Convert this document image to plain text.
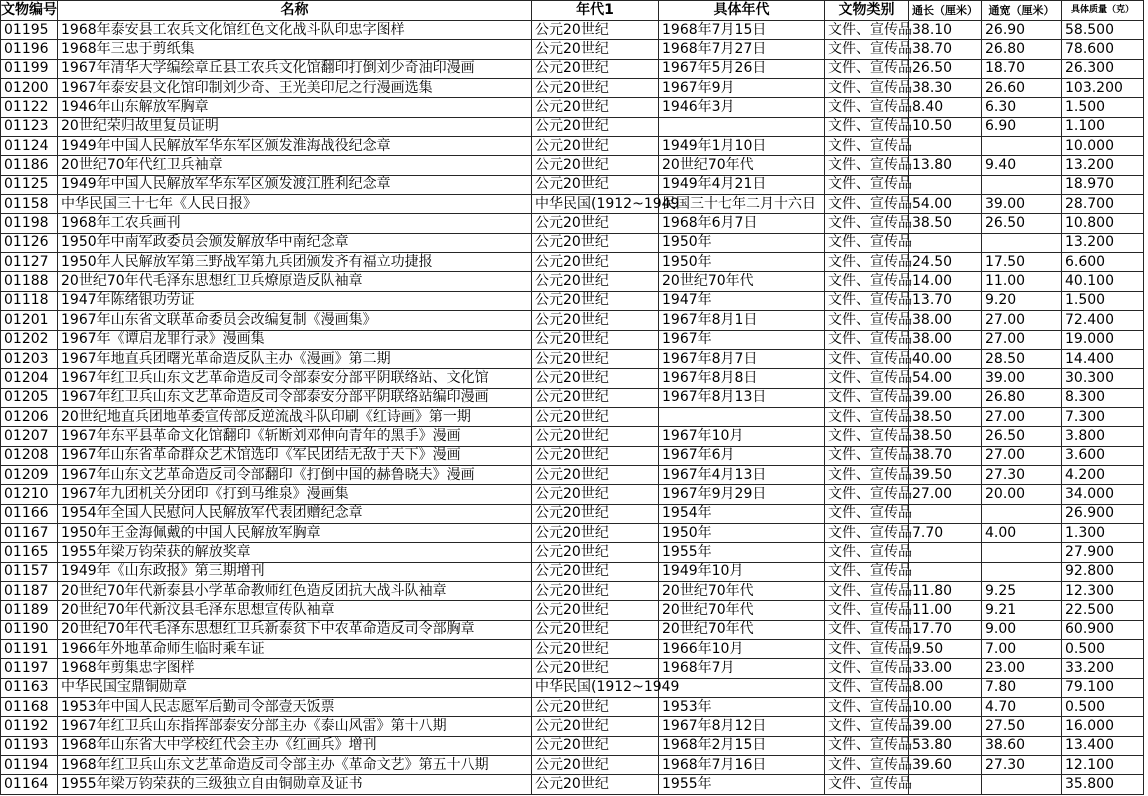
文物编号	名称	年代1	具体年代	文物类别	通长（厘米）	通宽（厘米）	具体质量（克）
01195	1968年泰安县工农兵文化馆红色文化战斗队印忠字图样	公元20世纪	1968年7月15日	文件、宣传品	38.10	26.90	58.500
01196	1968年三忠于剪纸集	公元20世纪	1968年7月27日	文件、宣传品	38.70	26.80	78.600
01199	1967年清华大学编绘章丘县工农兵文化馆翻印打倒刘少奇油印漫画	公元20世纪	1967年5月26日	文件、宣传品	26.50	18.70	26.300
01200	1967年泰安县文化馆印制刘少奇、王光美印尼之行漫画选集	公元20世纪	1967年9月	文件、宣传品	38.30	26.60	103.200
01122	1946年山东解放军胸章	公元20世纪	1946年3月	文件、宣传品	8.40	6.30	1.500
01123	20世纪荣归故里复员证明	公元20世纪		文件、宣传品	10.50	6.90	1.100
01124	1949年中国人民解放军华东军区颁发淮海战役纪念章	公元20世纪	1949年1月10日	文件、宣传品			10.000
01186	20世纪70年代红卫兵袖章	公元20世纪	20世纪70年代	文件、宣传品	13.80	9.40	13.200
01125	1949年中国人民解放军华东军区颁发渡江胜利纪念章	公元20世纪	1949年4月21日	文件、宣传品			18.970
01158	中华民国三十七年《人民日报》	中华民国(1912~1949	民国三十七年二月十六日	文件、宣传品	54.00	39.00	28.700
01198	1968年工农兵画刊	公元20世纪	1968年6月7日	文件、宣传品	38.50	26.50	10.800
01126	1950年中南军政委员会颁发解放华中南纪念章	公元20世纪	1950年	文件、宣传品			13.200
01127	1950年人民解放军第三野战军第九兵团颁发齐有福立功捷报	公元20世纪	1950年	文件、宣传品	24.50	17.50	6.600
01188	20世纪70年代毛泽东思想红卫兵燎原造反队袖章	公元20世纪	20世纪70年代	文件、宣传品	14.00	11.00	40.100
01118	1947年陈绪银功劳证	公元20世纪	1947年	文件、宣传品	13.70	9.20	1.500
01201	1967年山东省文联革命委员会改编复制《漫画集》	公元20世纪	1967年8月1日	文件、宣传品	38.00	27.00	72.400
01202	1967年《谭启龙罪行录》漫画集	公元20世纪	1967年	文件、宣传品	38.00	27.00	19.000
01203	1967年地直兵团曙光革命造反队主办《漫画》第二期	公元20世纪	1967年8月7日	文件、宣传品	40.00	28.50	14.400
01204	1967年红卫兵山东文艺革命造反司令部泰安分部平阴联络站、文化馆	公元20世纪	1967年8月8日	文件、宣传品	54.00	39.00	30.300
01205	1967年红卫兵山东文艺革命造反司令部泰安分部平阴联络站编印漫画	公元20世纪	1967年8月13日	文件、宣传品	39.00	26.80	8.300
01206	20世纪地直兵团地革委宣传部反逆流战斗队印刷《红诗画》第一期	公元20世纪		文件、宣传品	38.50	27.00	7.300
01207	1967年东平县革命文化馆翻印《斩断刘邓伸向青年的黑手》漫画	公元20世纪	1967年10月	文件、宣传品	38.50	26.50	3.800
01208	1967年山东省革命群众艺术馆选印《军民团结无敌于天下》漫画	公元20世纪	1967年6月	文件、宣传品	38.70	27.00	3.600
01209	1967年山东文艺革命造反司令部翻印《打倒中国的赫鲁晓夫》漫画	公元20世纪	1967年4月13日	文件、宣传品	39.50	27.30	4.200
01210	1967年九团机关分团印《打到马维泉》漫画集	公元20世纪	1967年9月29日	文件、宣传品	27.00	20.00	34.000
01166	1954年全国人民慰问人民解放军代表团赠纪念章	公元20世纪	1954年	文件、宣传品			26.900
01167	1950年王金海佩戴的中国人民解放军胸章	公元20世纪	1950年	文件、宣传品	7.70	4.00	1.300
01165	1955年梁万钧荣获的解放奖章	公元20世纪	1955年	文件、宣传品			27.900
01157	1949年《山东政报》第三期增刊	公元20世纪	1949年10月	文件、宣传品			92.800
01187	20世纪70年代新泰县小学革命教师红色造反团抗大战斗队袖章	公元20世纪	20世纪70年代	文件、宣传品	11.80	9.25	12.300
01189	20世纪70年代新汶县毛泽东思想宣传队袖章	公元20世纪	20世纪70年代	文件、宣传品	11.00	9.21	22.500
01190	20世纪70年代毛泽东思想红卫兵新泰贫下中农革命造反司令部胸章	公元20世纪	20世纪70年代	文件、宣传品	17.70	9.00	60.900
01191	1966年外地革命师生临时乘车证	公元20世纪	1966年10月	文件、宣传品	9.50	7.00	0.500
01197	1968年剪集忠字图样	公元20世纪	1968年7月	文件、宣传品	33.00	23.00	33.200
01163	中华民国宝鼎铜勋章	中华民国(1912~1949		文件、宣传品	8.00	7.80	79.100
01168	1953年中国人民志愿军后勤司令部壹天饭票	公元20世纪	1953年	文件、宣传品	10.00	4.70	0.500
01192	1967年红卫兵山东指挥部泰安分部主办《泰山风雷》第十八期	公元20世纪	1967年8月12日	文件、宣传品	39.00	27.50	16.000
01193	1968年山东省大中学校红代会主办《红画兵》增刊	公元20世纪	1968年2月15日	文件、宣传品	53.80	38.60	13.400
01194	1968年红卫兵山东文艺革命造反司令部主办《革命文艺》第五十八期	公元20世纪	1968年7月16日	文件、宣传品	39.60	27.30	12.100
01164	1955年梁万钧荣获的三级独立自由铜勋章及证书	公元20世纪	1955年	文件、宣传品			35.800
